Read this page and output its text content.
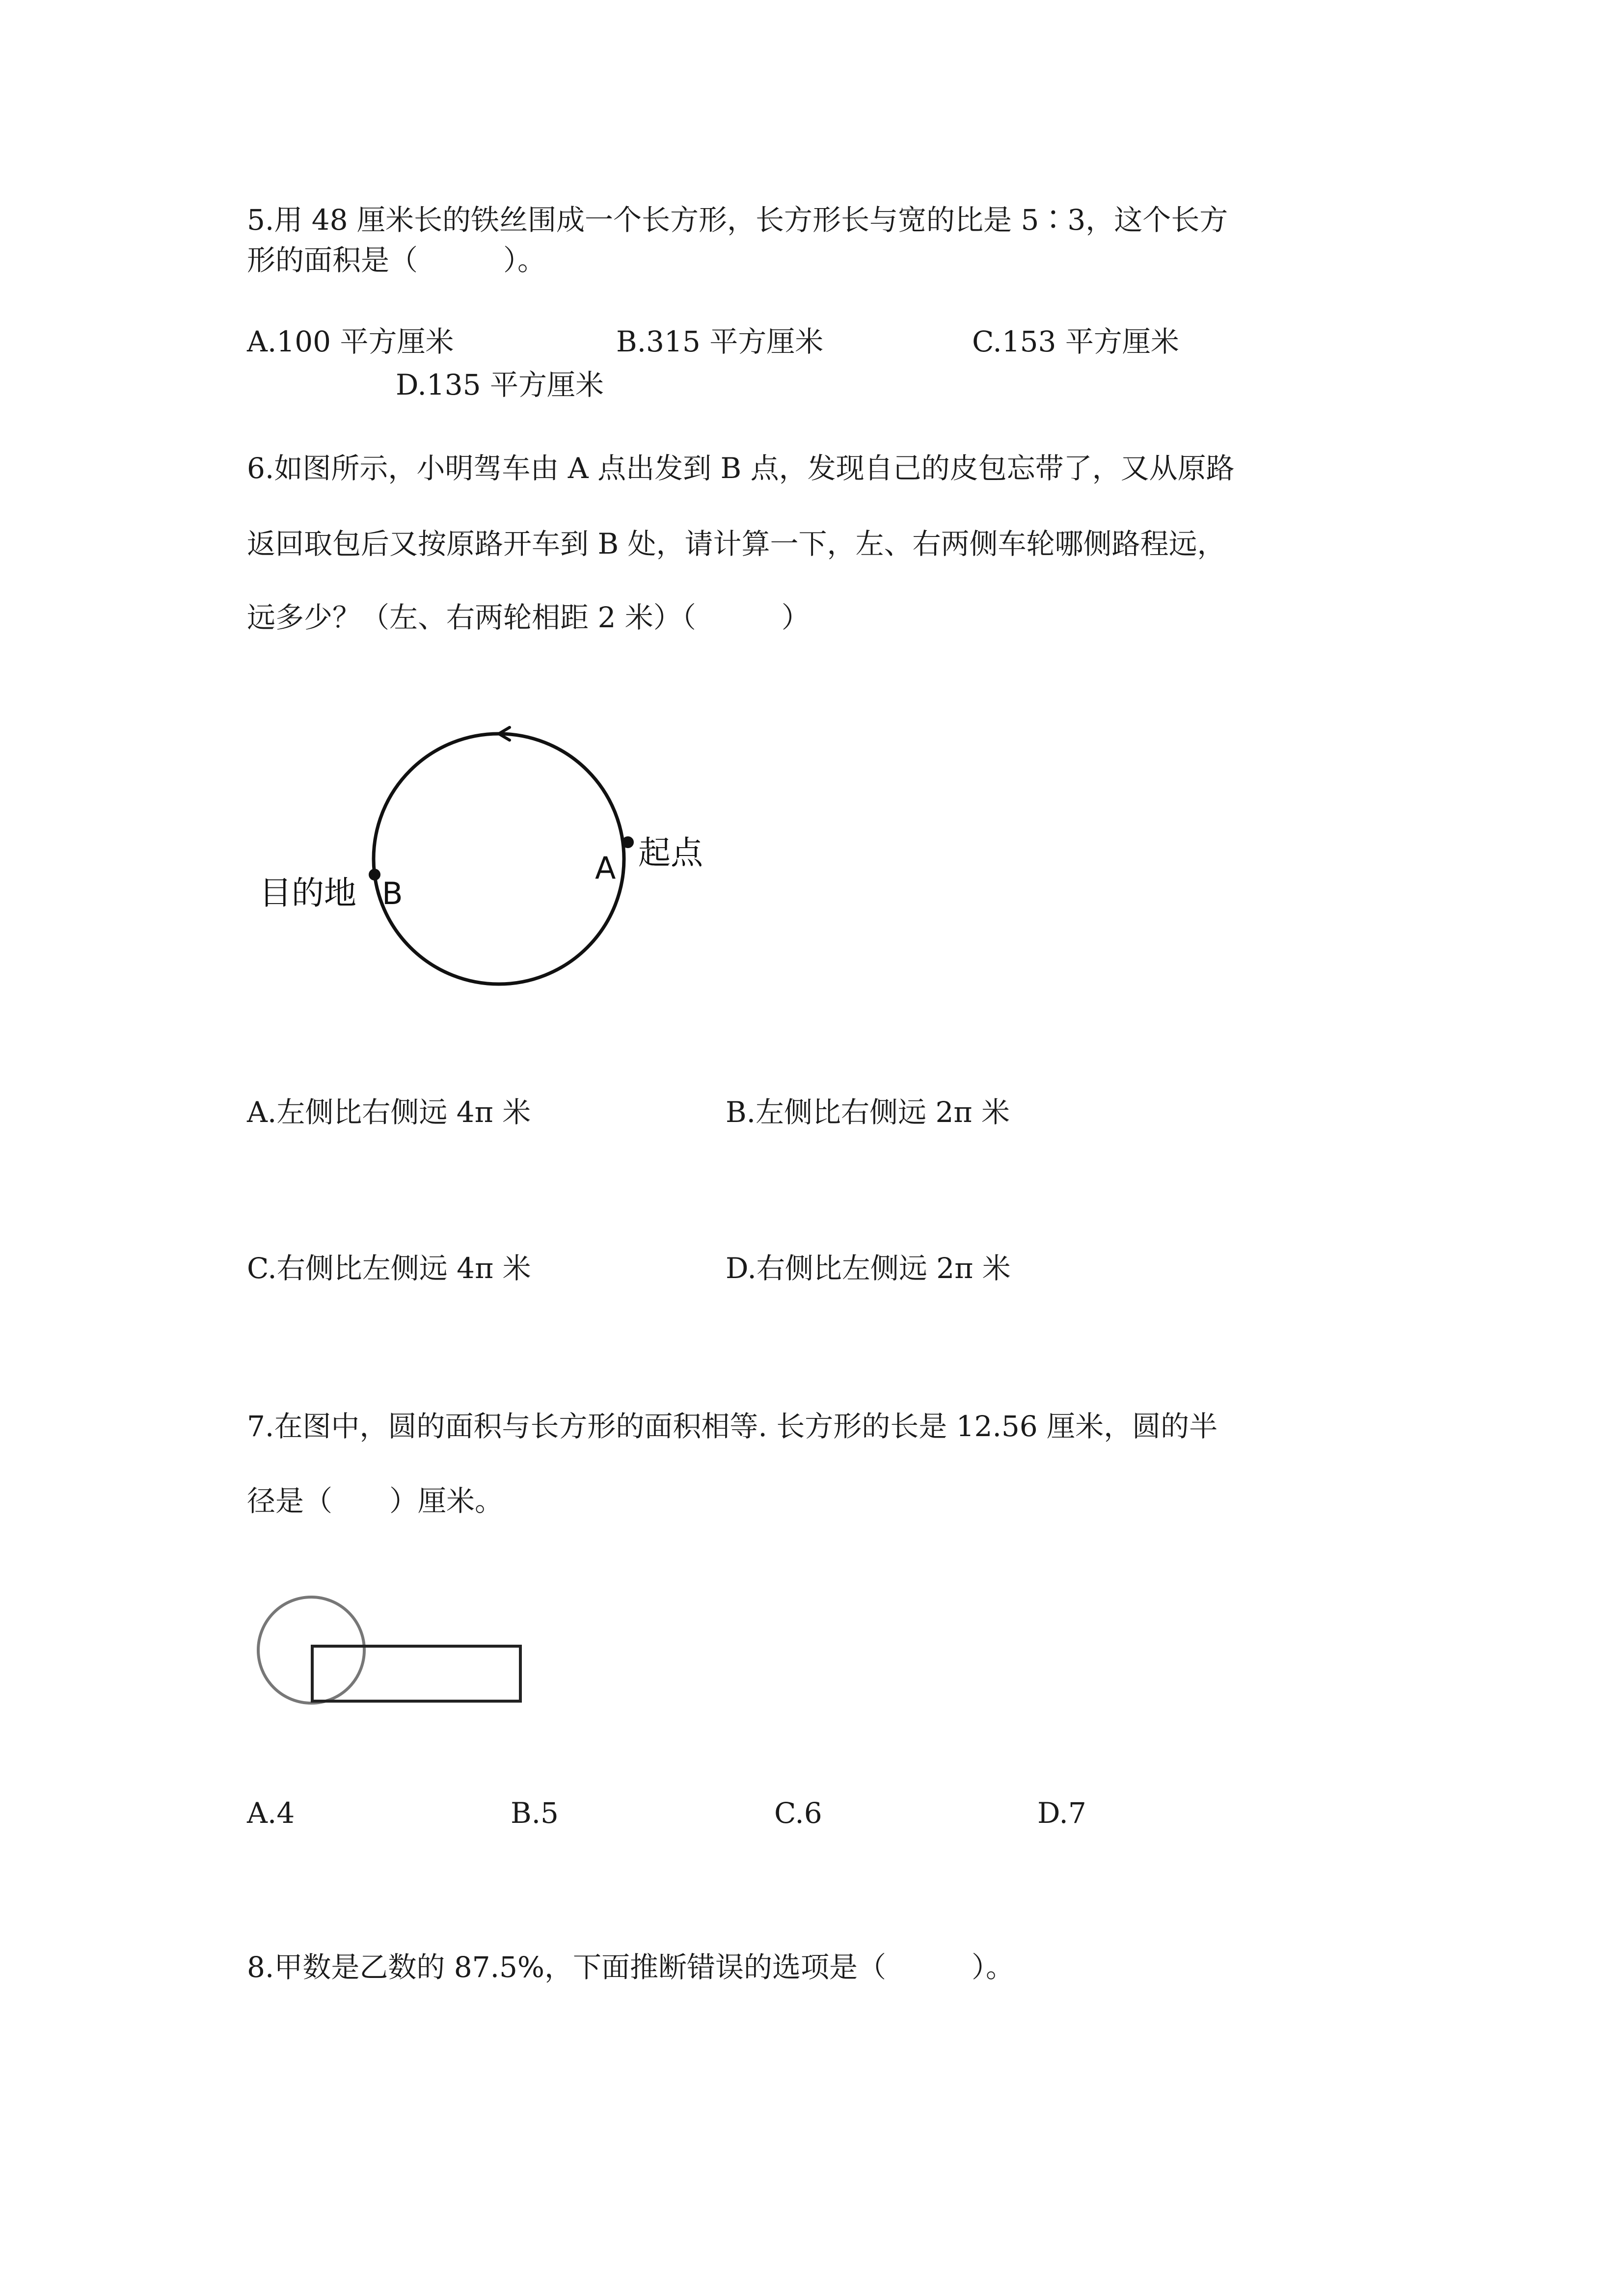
5.用 48 厘米长的铁丝围成一个长方形，长方形长与宽的比是 5∶3，这个长方

形的面积是（　　　）。

A.100 平方厘米	B.315 平方厘米	C.153 平方厘米

D.135 平方厘米

6.如图所示，小明驾车由 A 点出发到 B 点，发现自己的皮包忘带了，又从原路

返回取包后又按原路开车到 B 处，请计算一下，左、右两侧车轮哪侧路程远，

远多少？（左、右两轮相距 2 米）（　　　）

A 起点
B
目的地

A.左侧比右侧远 4π 米	B.左侧比右侧远 2π 米

C.右侧比左侧远 4π 米	D.右侧比左侧远 2π 米

7.在图中，圆的面积与长方形的面积相等. 长方形的长是 12.56 厘米，圆的半

径是（　　）厘米。

A.4	B.5	C.6	D.7

8.甲数是乙数的 87.5%，下面推断错误的选项是（　　　）。
